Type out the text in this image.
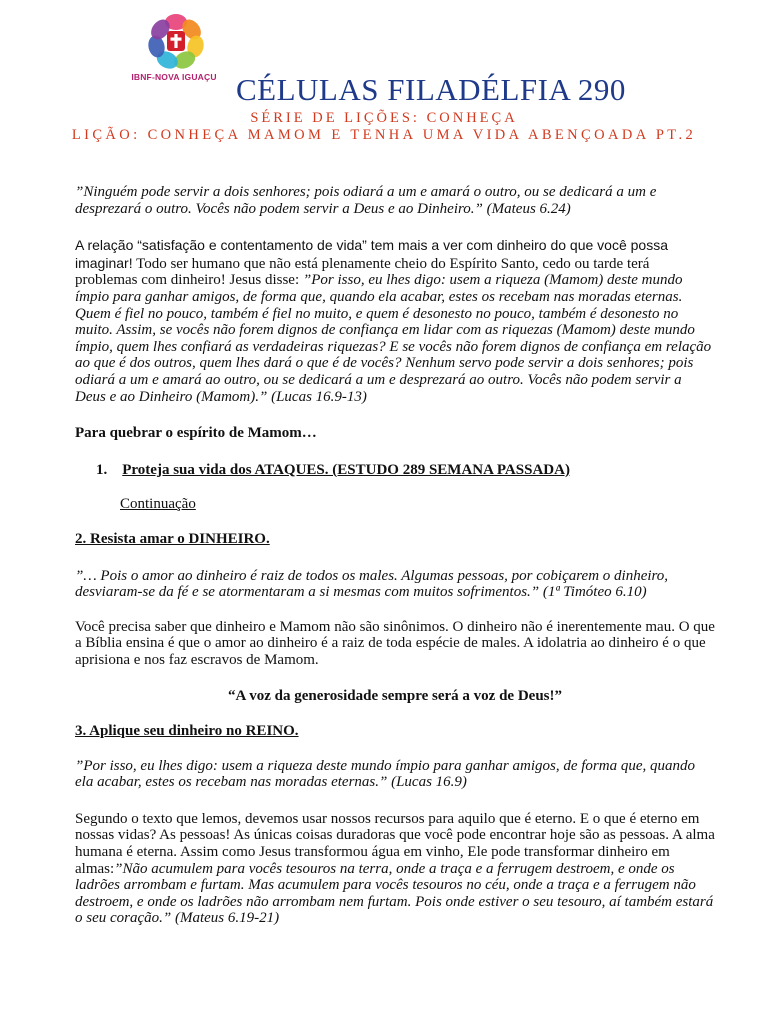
IBNF-NOVA IGUAÇU CÉLULAS FILADÉLFIA 290
SÉRIE DE LIÇÕES: CONHEÇA
LIÇÃO: CONHEÇA MAMOM E TENHA UMA VIDA ABENÇOADA PT.2

”Ninguém pode servir a dois senhores; pois odiará a um e amará o outro, ou se dedicará a um e desprezará o outro. Vocês não podem servir a Deus e ao Dinheiro.” (Mateus 6.24)

A relação “satisfação e contentamento de vida” tem mais a ver com dinheiro do que você possa imaginar! Todo ser humano que não está plenamente cheio do Espírito Santo, cedo ou tarde terá problemas com dinheiro! Jesus disse: ”Por isso, eu lhes digo: usem a riqueza (Mamom) deste mundo ímpio para ganhar amigos, de forma que, quando ela acabar, estes os recebam nas moradas eternas. Quem é fiel no pouco, também é fiel no muito, e quem é desonesto no pouco, também é desonesto no muito. Assim, se vocês não forem dignos de confiança em lidar com as riquezas (Mamom) deste mundo ímpio, quem lhes confiará as verdadeiras riquezas? E se vocês não forem dignos de confiança em relação ao que é dos outros, quem lhes dará o que é de vocês? Nenhum servo pode servir a dois senhores; pois odiará a um e amará ao outro, ou se dedicará a um e desprezará ao outro. Vocês não podem servir a Deus e ao Dinheiro (Mamom).” (Lucas 16.9-13)

Para quebrar o espírito de Mamom…

1. Proteja sua vida dos ATAQUES. (ESTUDO 289 SEMANA PASSADA)

Continuação

2. Resista amar o DINHEIRO.

”… Pois o amor ao dinheiro é raiz de todos os males. Algumas pessoas, por cobiçarem o dinheiro, desviaram-se da fé e se atormentaram a si mesmas com muitos sofrimentos.” (1ª Timóteo 6.10)

Você precisa saber que dinheiro e Mamom não são sinônimos. O dinheiro não é inerentemente mau. O que a Bíblia ensina é que o amor ao dinheiro é a raiz de toda espécie de males. A idolatria ao dinheiro é o que aprisiona e nos faz escravos de Mamom.

“A voz da generosidade sempre será a voz de Deus!”

3. Aplique seu dinheiro no REINO.

”Por isso, eu lhes digo: usem a riqueza deste mundo ímpio para ganhar amigos, de forma que, quando ela acabar, estes os recebam nas moradas eternas.” (Lucas 16.9)

Segundo o texto que lemos, devemos usar nossos recursos para aquilo que é eterno. E o que é eterno em nossas vidas? As pessoas! As únicas coisas duradoras que você pode encontrar hoje são as pessoas. A alma humana é eterna. Assim como Jesus transformou água em vinho, Ele pode transformar dinheiro em almas:”Não acumulem para vocês tesouros na terra, onde a traça e a ferrugem destroem, e onde os ladrões arrombam e furtam. Mas acumulem para vocês tesouros no céu, onde a traça e a ferrugem não destroem, e onde os ladrões não arrombam nem furtam. Pois onde estiver o seu tesouro, aí também estará o seu coração.” (Mateus 6.19-21)
